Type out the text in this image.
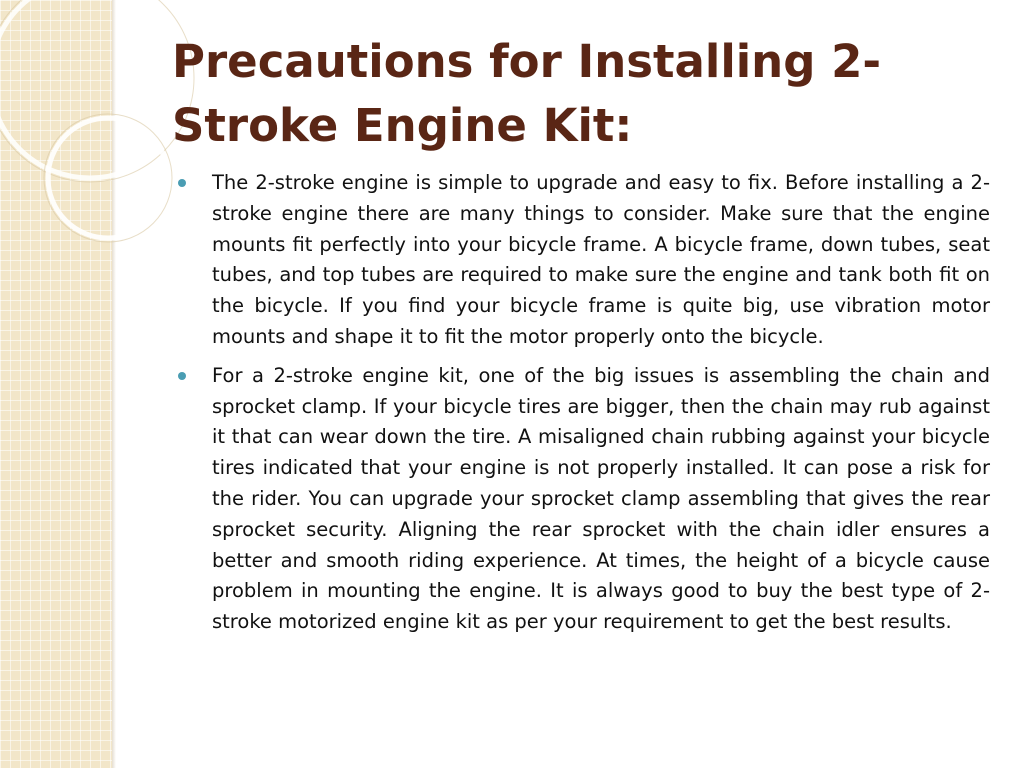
Precautions for Installing 2-Stroke Engine Kit:
The 2-stroke engine is simple to upgrade and easy to fix. Before installing a 2-stroke engine there are many things to consider. Make sure that the engine mounts fit perfectly into your bicycle frame. A bicycle frame, down tubes, seat tubes, and top tubes are required to make sure the engine and tank both fit on the bicycle. If you find your bicycle frame is quite big, use vibration motor mounts and shape it to fit the motor properly onto the bicycle.
For a 2-stroke engine kit, one of the big issues is assembling the chain and sprocket clamp. If your bicycle tires are bigger, then the chain may rub against it that can wear down the tire. A misaligned chain rubbing against your bicycle tires indicated that your engine is not properly installed. It can pose a risk for the rider. You can upgrade your sprocket clamp assembling that gives the rear sprocket security. Aligning the rear sprocket with the chain idler ensures a better and smooth riding experience. At times, the height of a bicycle cause problem in mounting the engine. It is always good to buy the best type of 2-stroke motorized engine kit as per your requirement to get the best results.
